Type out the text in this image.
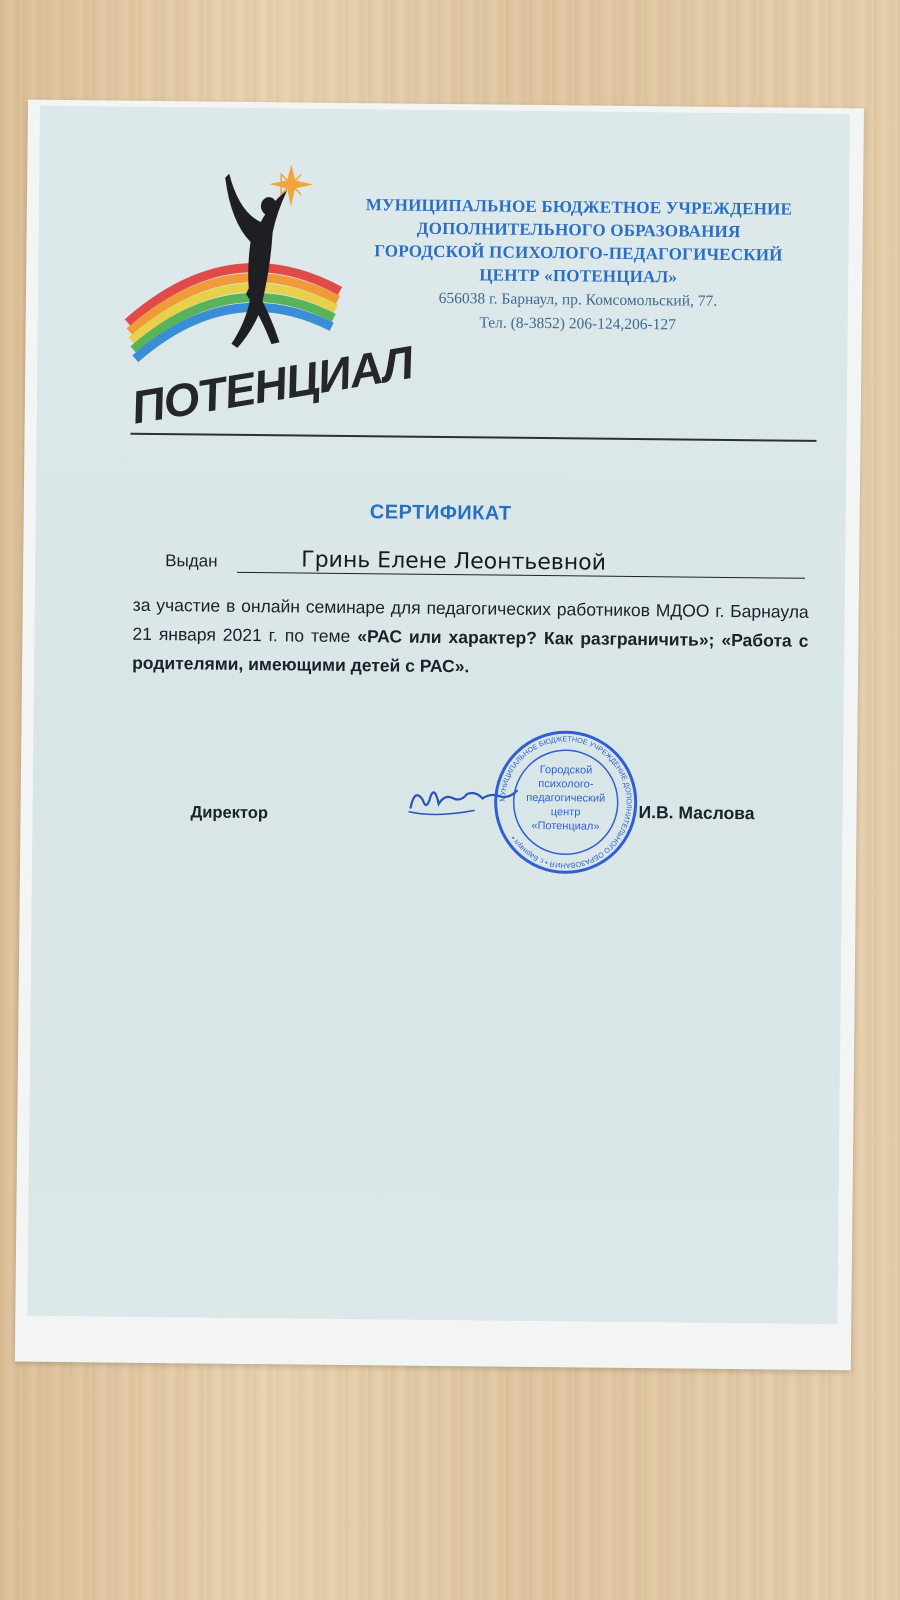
ПОТЕНЦИАЛ
МУНИЦИПАЛЬНОЕ БЮДЖЕТНОЕ УЧРЕЖДЕНИЕ
ДОПОЛНИТЕЛЬНОГО ОБРАЗОВАНИЯ
ГОРОДСКОЙ ПСИХОЛОГО-ПЕДАГОГИЧЕСКИЙ
ЦЕНТР «ПОТЕНЦИАЛ»
656038 г. Барнаул, пр. Комсомольский, 77.
Тел. (8-3852) 206-124,206-127
СЕРТИФИКАТ
Выдан	Гринь Елене Леонтьевной
за участие в онлайн семинаре для педагогических работников МДОО г. Барнаула 21 января 2021 г. по теме «РАС или характер? Как разграничить»; «Работа с родителями, имеющими детей с РАС».
Директор
МУНИЦИПАЛЬНОЕ БЮДЖЕТНОЕ УЧРЕЖДЕНИЕ ДОПОЛНИТЕЛЬНОГО ОБРАЗОВАНИЯ • г. Барнаул •
Городской
психолого-
педагогический
центр
«Потенциал»
И.В. Маслова
